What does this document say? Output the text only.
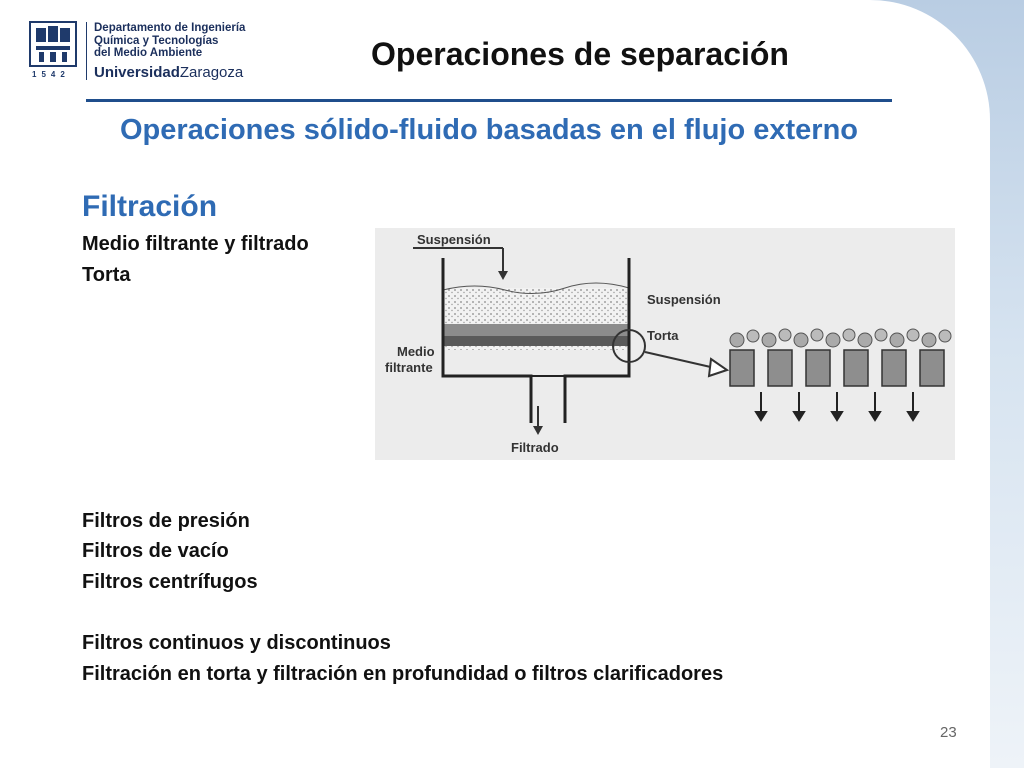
1542
Departamento de Ingeniería
Química y Tecnologías
del Medio Ambiente
UniversidadZaragoza
Operaciones de separación
Operaciones sólido-fluido basadas en el flujo externo
Filtración
Medio filtrante y filtrado
Torta
Suspensión
Suspensión
Torta
Medio
filtrante
Filtrado
Filtros de presión
Filtros de vacío
Filtros centrífugos
Filtros continuos y discontinuos
Filtración en torta y filtración en profundidad o filtros clarificadores
23
